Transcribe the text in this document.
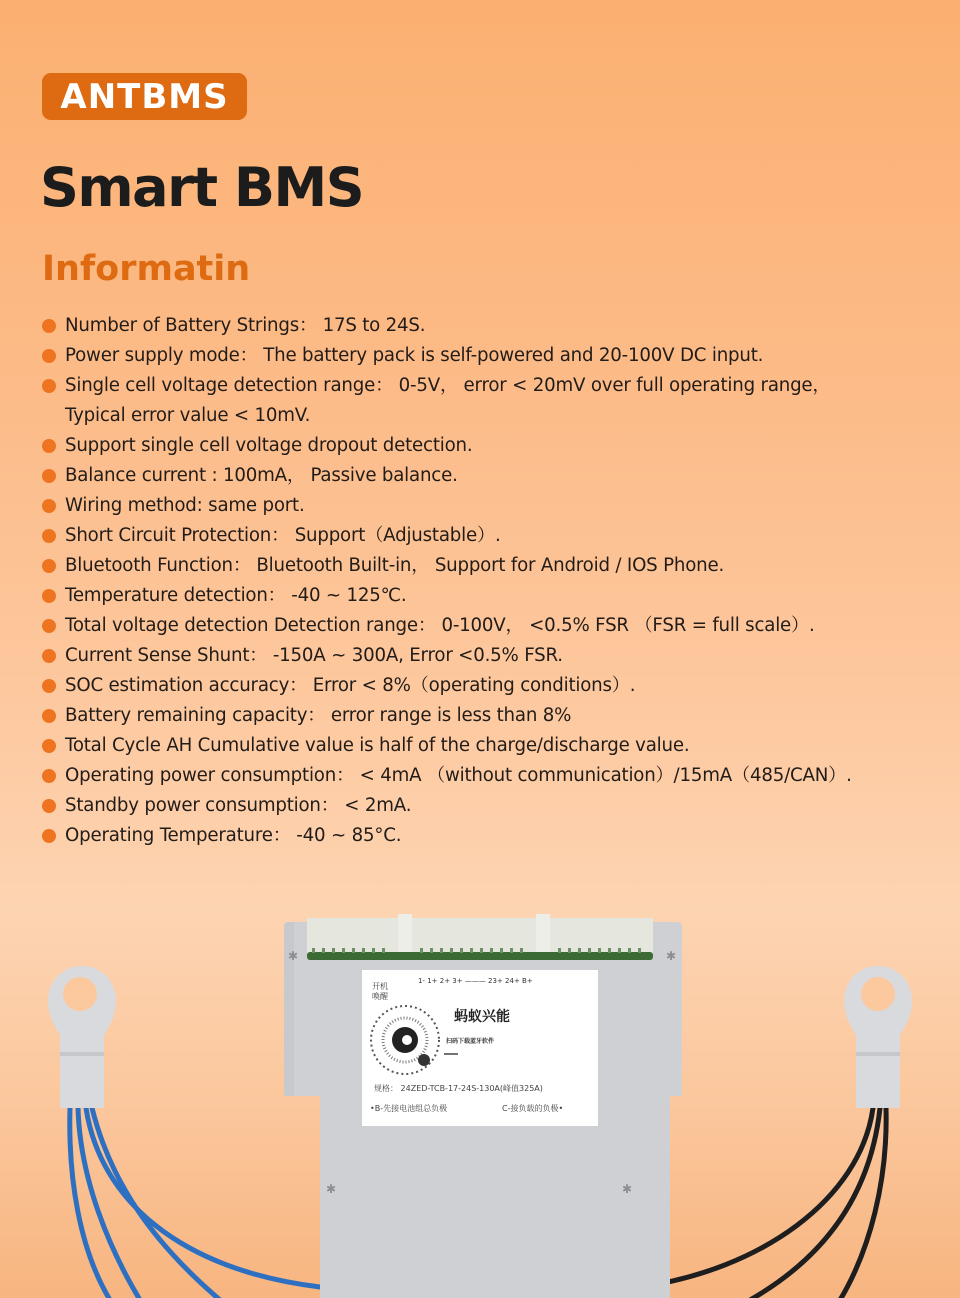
ANTBMS
Smart BMS
Informatin
Number of Battery Strings： 17S to 24S.
Power supply mode： The battery pack is self-powered and 20-100V DC input.
Single cell voltage detection range： 0-5V， error < 20mV over full operating range，
Typical error value < 10mV.
Support single cell voltage dropout detection.
Balance current : 100mA， Passive balance.
Wiring method: same port.
Short Circuit Protection： Support（Adjustable）.
Bluetooth Function： Bluetooth Built-in， Support for Android / IOS Phone.
Temperature detection： -40 ~ 125℃.
Total voltage detection Detection range： 0-100V， <0.5% FSR （FSR = full scale）.
Current Sense Shunt： -150A ~ 300A, Error <0.5% FSR.
SOC estimation accuracy： Error < 8%（operating conditions）.
Battery remaining capacity： error range is less than 8%
Total Cycle AH Cumulative value is half of the charge/discharge value.
Operating power consumption： < 4mA （without communication）/15mA（485/CAN）.
Standby power consumption： < 2mA.
Operating Temperature： -40 ~ 85°C.
✱	✱
✱	✱
开机 唤醒
1- 1+ 2+ 3+ ——— 23+ 24+ B+
蚂蚁兴能
扫码下载蓝牙软件
规格： 24ZED-TCB-17-24S-130A(峰值325A)
•B-先接电池组总负极	C-接负载的负极•
